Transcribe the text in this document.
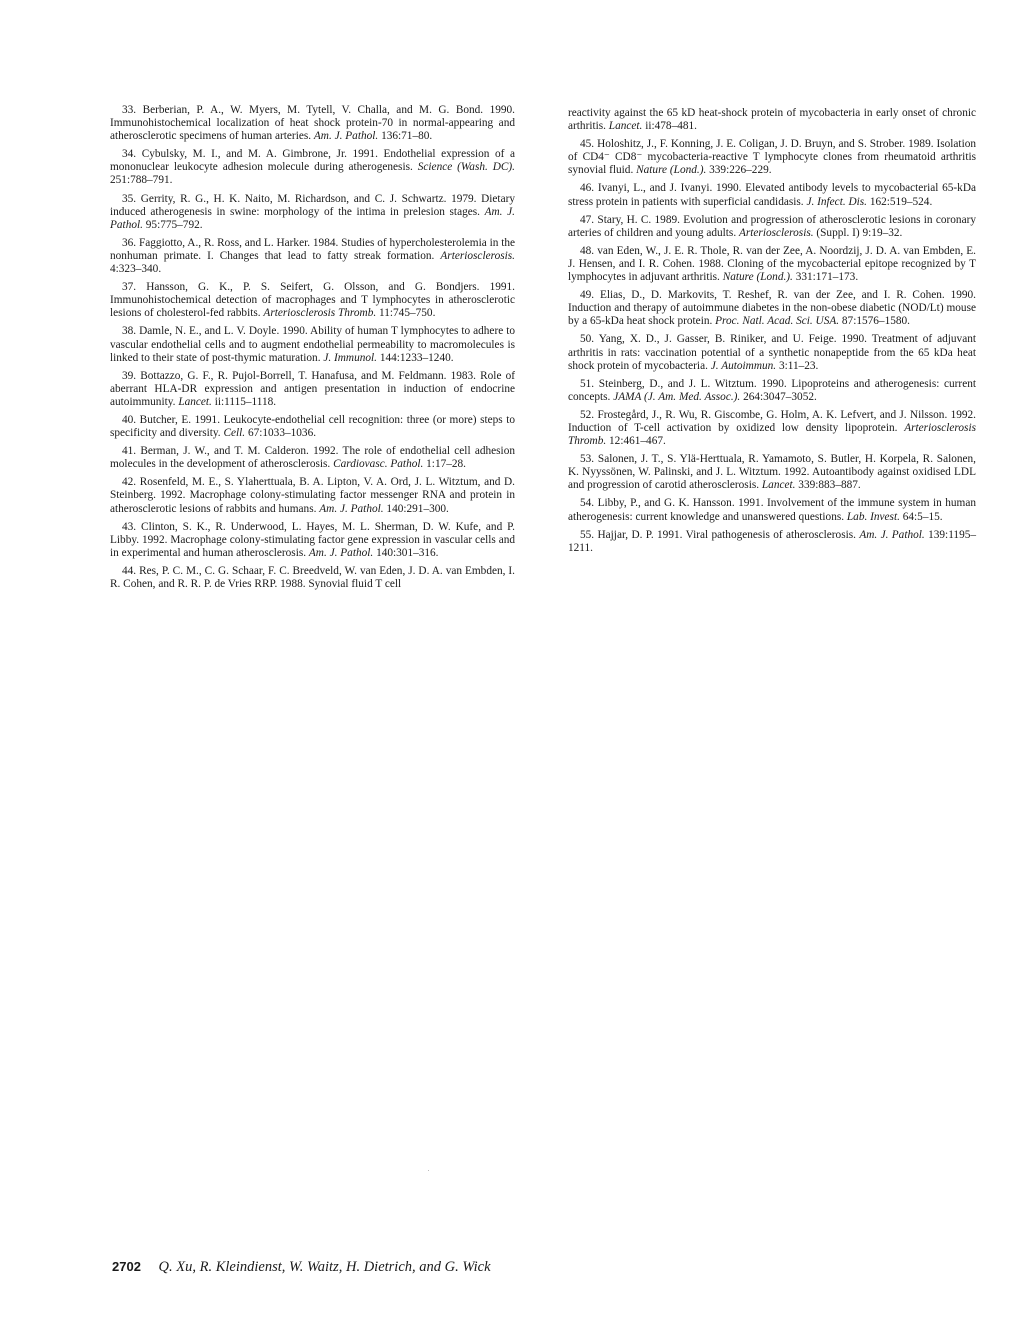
33. Berberian, P. A., W. Myers, M. Tytell, V. Challa, and M. G. Bond. 1990. Immunohistochemical localization of heat shock protein-70 in normal-appearing and atherosclerotic specimens of human arteries. Am. J. Pathol. 136:71–80.

34. Cybulsky, M. I., and M. A. Gimbrone, Jr. 1991. Endothelial expression of a mononuclear leukocyte adhesion molecule during atherogenesis. Science (Wash. DC). 251:788–791.

35. Gerrity, R. G., H. K. Naito, M. Richardson, and C. J. Schwartz. 1979. Dietary induced atherogenesis in swine: morphology of the intima in prelesion stages. Am. J. Pathol. 95:775–792.

36. Faggiotto, A., R. Ross, and L. Harker. 1984. Studies of hypercholesterolemia in the nonhuman primate. I. Changes that lead to fatty streak formation. Arteriosclerosis. 4:323–340.

37. Hansson, G. K., P. S. Seifert, G. Olsson, and G. Bondjers. 1991. Immunohistochemical detection of macrophages and T lymphocytes in atherosclerotic lesions of cholesterol-fed rabbits. Arteriosclerosis Thromb. 11:745–750.

38. Damle, N. E., and L. V. Doyle. 1990. Ability of human T lymphocytes to adhere to vascular endothelial cells and to augment endothelial permeability to macromolecules is linked to their state of post-thymic maturation. J. Immunol. 144:1233–1240.

39. Bottazzo, G. F., R. Pujol-Borrell, T. Hanafusa, and M. Feldmann. 1983. Role of aberrant HLA-DR expression and antigen presentation in induction of endocrine autoimmunity. Lancet. ii:1115–1118.

40. Butcher, E. 1991. Leukocyte-endothelial cell recognition: three (or more) steps to specificity and diversity. Cell. 67:1033–1036.

41. Berman, J. W., and T. M. Calderon. 1992. The role of endothelial cell adhesion molecules in the development of atherosclerosis. Cardiovasc. Pathol. 1:17–28.

42. Rosenfeld, M. E., S. Ylaherttuala, B. A. Lipton, V. A. Ord, J. L. Witztum, and D. Steinberg. 1992. Macrophage colony-stimulating factor messenger RNA and protein in atherosclerotic lesions of rabbits and humans. Am. J. Pathol. 140:291–300.

43. Clinton, S. K., R. Underwood, L. Hayes, M. L. Sherman, D. W. Kufe, and P. Libby. 1992. Macrophage colony-stimulating factor gene expression in vascular cells and in experimental and human atherosclerosis. Am. J. Pathol. 140:301–316.

44. Res, P. C. M., C. G. Schaar, F. C. Breedveld, W. van Eden, J. D. A. van Embden, I. R. Cohen, and R. R. P. de Vries RRP. 1988. Synovial fluid T cell

reactivity against the 65 kD heat-shock protein of mycobacteria in early onset of chronic arthritis. Lancet. ii:478–481.

45. Holoshitz, J., F. Konning, J. E. Coligan, J. D. Bruyn, and S. Strober. 1989. Isolation of CD4⁻ CD8⁻ mycobacteria-reactive T lymphocyte clones from rheumatoid arthritis synovial fluid. Nature (Lond.). 339:226–229.

46. Ivanyi, L., and J. Ivanyi. 1990. Elevated antibody levels to mycobacterial 65-kDa stress protein in patients with superficial candidasis. J. Infect. Dis. 162:519–524.

47. Stary, H. C. 1989. Evolution and progression of atherosclerotic lesions in coronary arteries of children and young adults. Arteriosclerosis. (Suppl. I) 9:19–32.

48. van Eden, W., J. E. R. Thole, R. van der Zee, A. Noordzij, J. D. A. van Embden, E. J. Hensen, and I. R. Cohen. 1988. Cloning of the mycobacterial epitope recognized by T lymphocytes in adjuvant arthritis. Nature (Lond.). 331:171–173.

49. Elias, D., D. Markovits, T. Reshef, R. van der Zee, and I. R. Cohen. 1990. Induction and therapy of autoimmune diabetes in the non-obese diabetic (NOD/Lt) mouse by a 65-kDa heat shock protein. Proc. Natl. Acad. Sci. USA. 87:1576–1580.

50. Yang, X. D., J. Gasser, B. Riniker, and U. Feige. 1990. Treatment of adjuvant arthritis in rats: vaccination potential of a synthetic nonapeptide from the 65 kDa heat shock protein of mycobacteria. J. Autoimmun. 3:11–23.

51. Steinberg, D., and J. L. Witztum. 1990. Lipoproteins and atherogenesis: current concepts. JAMA (J. Am. Med. Assoc.). 264:3047–3052.

52. Frostegård, J., R. Wu, R. Giscombe, G. Holm, A. K. Lefvert, and J. Nilsson. 1992. Induction of T-cell activation by oxidized low density lipoprotein. Arteriosclerosis Thromb. 12:461–467.

53. Salonen, J. T., S. Ylä-Herttuala, R. Yamamoto, S. Butler, H. Korpela, R. Salonen, K. Nyyssönen, W. Palinski, and J. L. Witztum. 1992. Autoantibody against oxidised LDL and progression of carotid atherosclerosis. Lancet. 339:883–887.

54. Libby, P., and G. K. Hansson. 1991. Involvement of the immune system in human atherogenesis: current knowledge and unanswered questions. Lab. Invest. 64:5–15.

55. Hajjar, D. P. 1991. Viral pathogenesis of atherosclerosis. Am. J. Pathol. 139:1195–1211.

2702 Q. Xu, R. Kleindienst, W. Waitz, H. Dietrich, and G. Wick
